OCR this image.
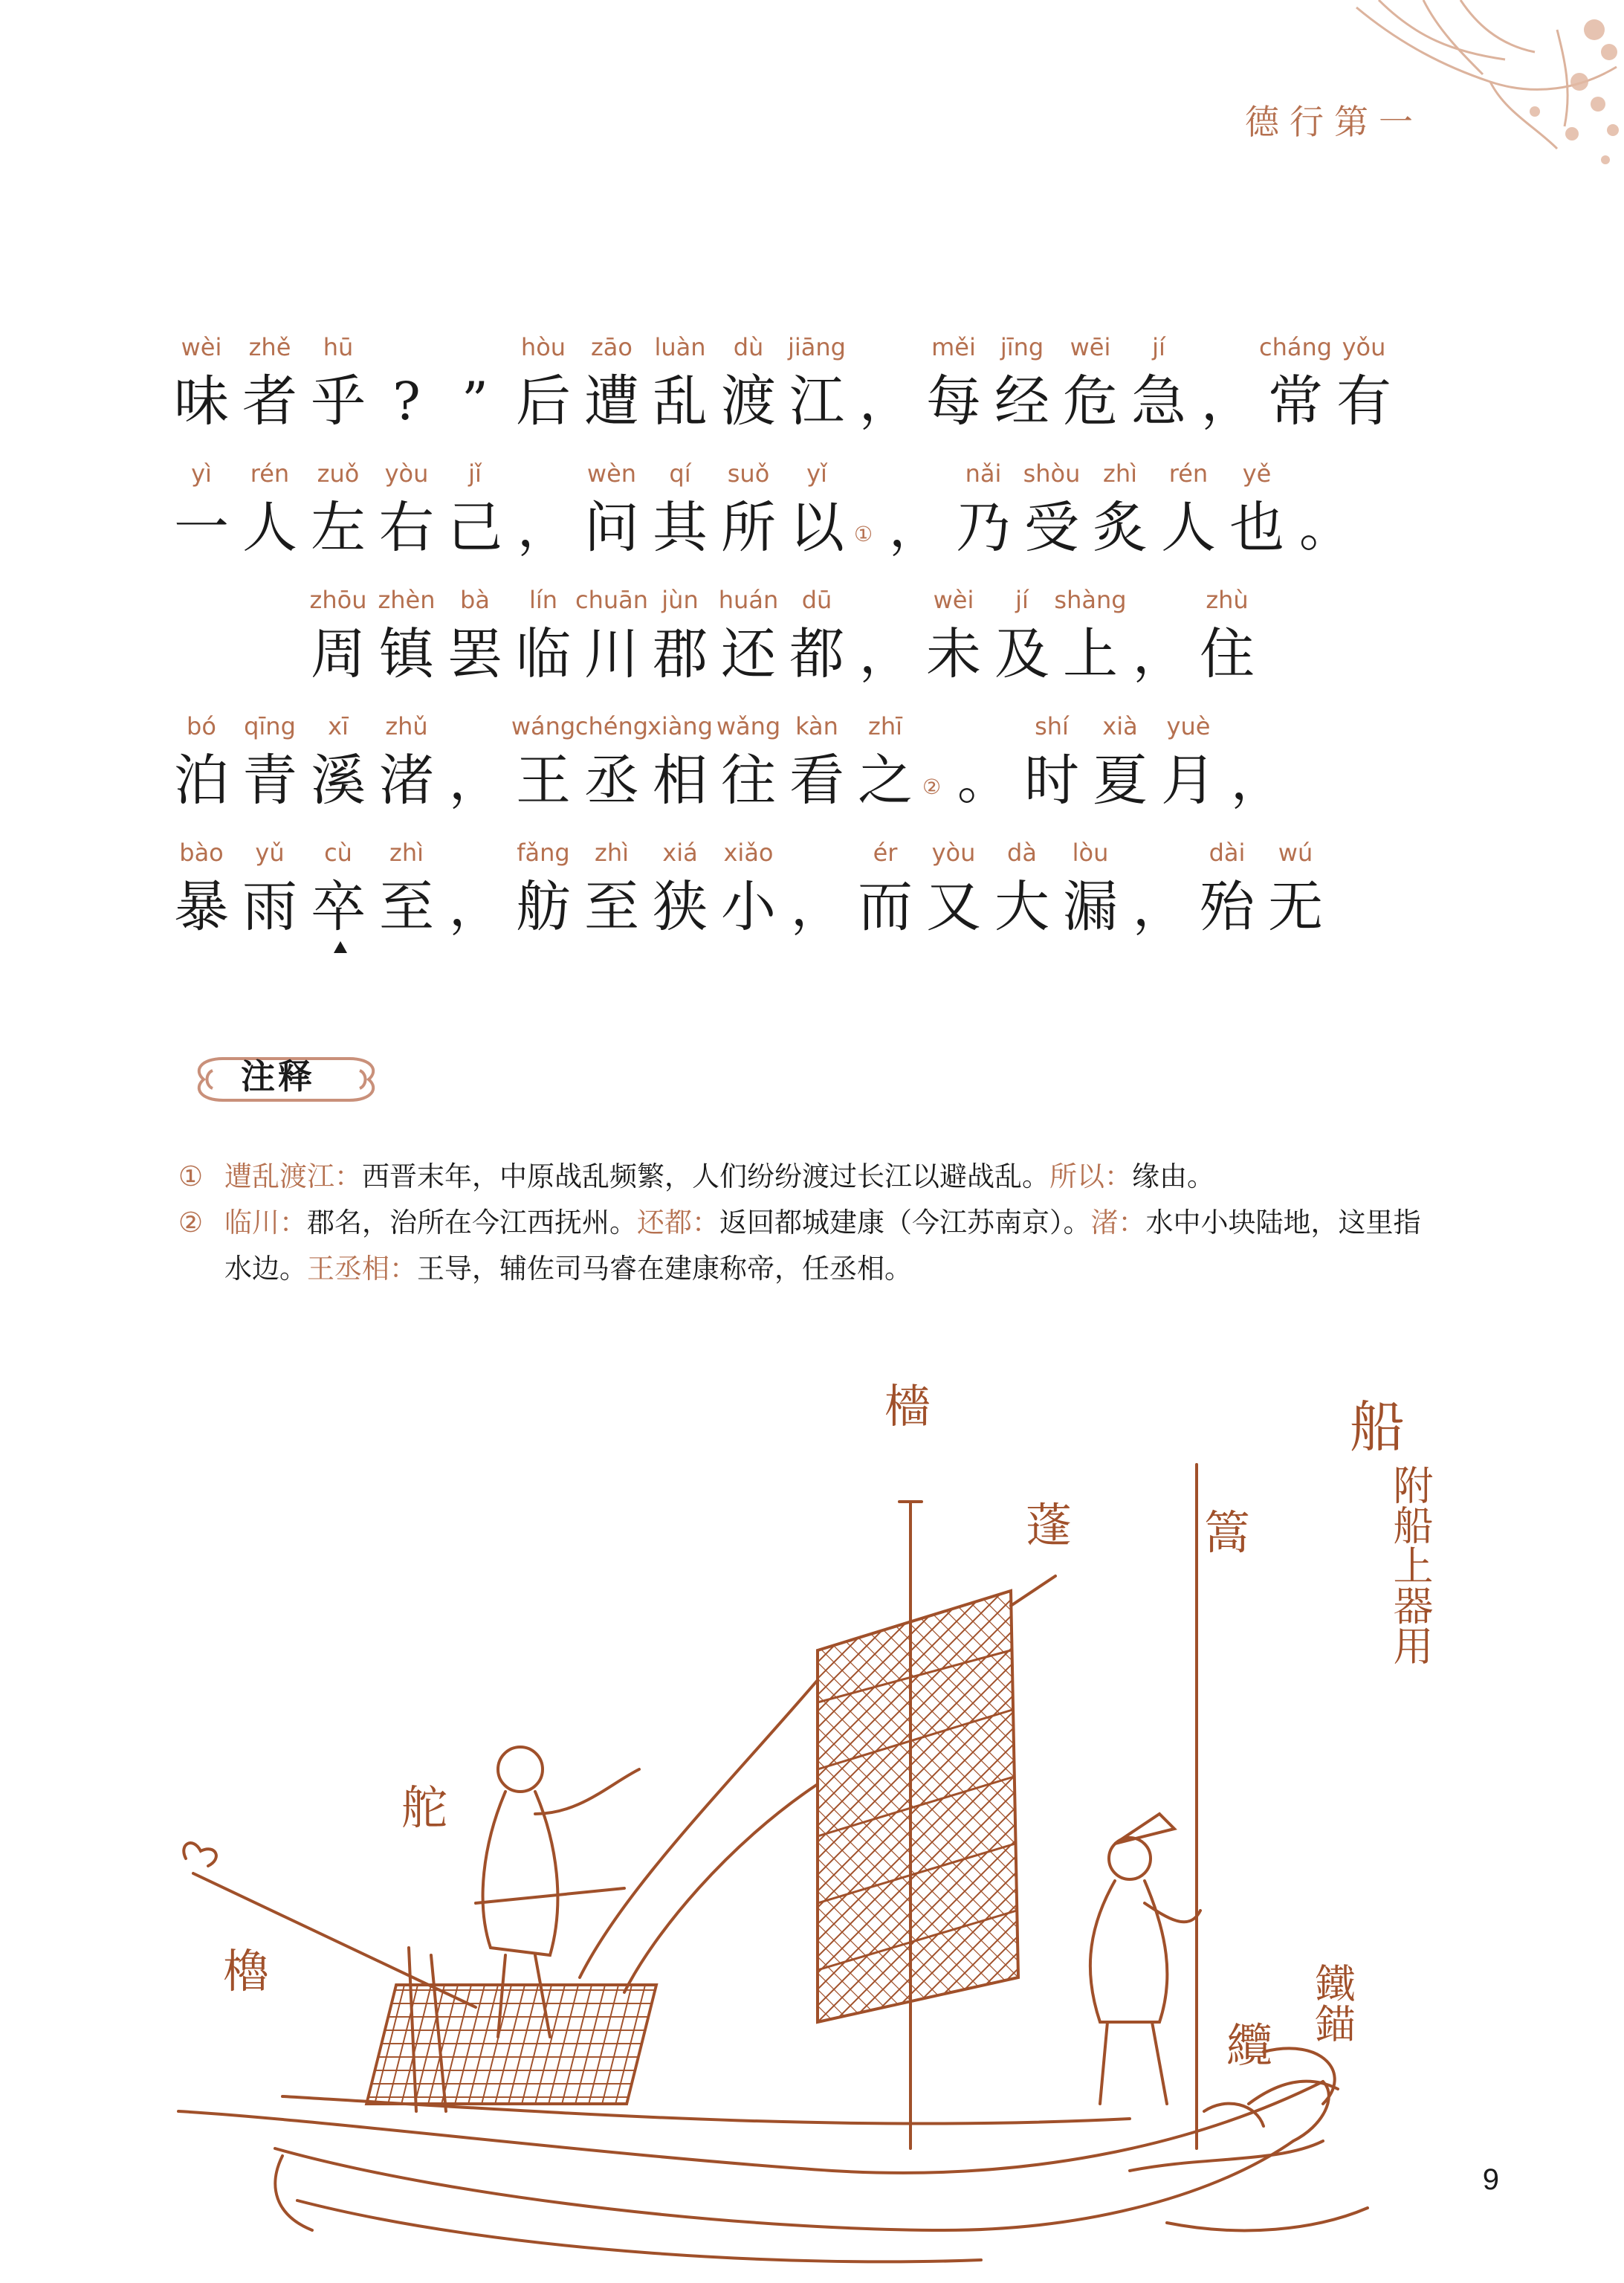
德行第一
wèi
味
zhě
者
hū
乎 ? ”
hòu
后
zāo
遭
luàn
乱
dù
渡
jiāng
江 ，
měi
每
jīng
经
wēi
危
jí
急 ，
cháng
常
yǒu
有
yì
一
rén
人
zuǒ
左
yòu
右
jǐ
己 ，
wèn
问
qí
其
suǒ
所
yǐ
以 ① ，
nǎi
乃
shòu
受
zhì
炙
rén
人
yě
也 。
zhōu
周
zhèn
镇
bà
罢
lín
临
chuān
川
jùn
郡
huán
还
dū
都 ，
wèi
未
jí
及
shàng
上 ，
zhù
住
bó
泊
qīng
青
xī
溪
zhǔ
渚 ，
wáng
王
chéng
丞
xiàng
相
wǎng
往
kàn
看
zhī
之 ② 。
shí
时
xià
夏
yuè
月 ，
bào
暴
yǔ
雨
cù
卒
zhì
至 ，
fǎng
舫
zhì
至
xiá
狭
xiǎo
小 ，
ér
而
yòu
又
dà
大
lòu
漏 ，
dài
殆
wú
无
注释
① 遭乱渡江：西晋末年，中原战乱频繁，人们纷纷渡过长江以避战乱。所以：缘由。
② 临川：郡名，治所在今江西抚州。还都：返回都城建康（今江苏南京）。渚：水中小块陆地，这里指水边。王丞相：王导，辅佐司马睿在建康称帝，任丞相。
檣
蓬	篙
船
附船上器用
舵
櫓	鐵錨
纜
9
